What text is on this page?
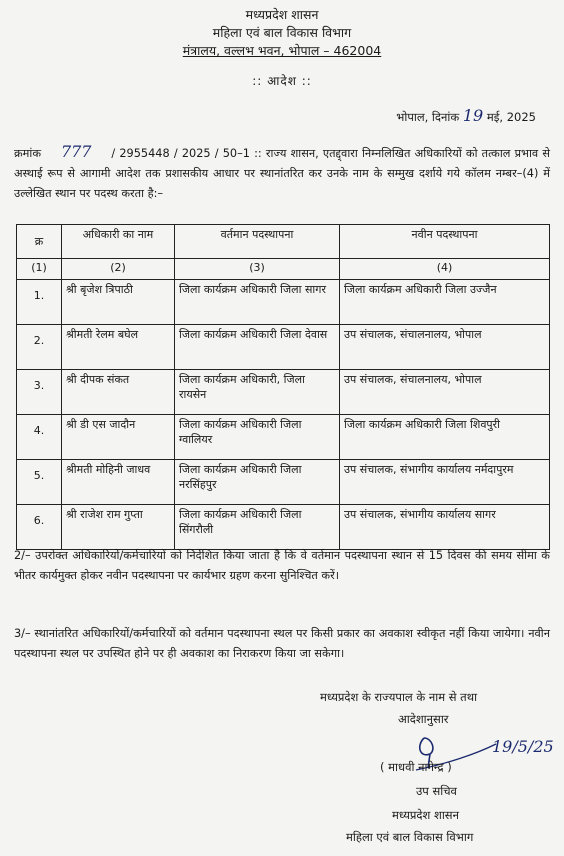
मध्यप्रदेश शासन
महिला एवं बाल विकास विभाग
मंत्रालय, वल्लभ भवन, भोपाल – 462004
:: आदेश ::
भोपाल, दिनांक 19 मई, 2025
क्रमांक 777 / 2955448 / 2025 / 50–1 :: राज्य शासन, एतद्द्वारा निम्नलिखित अधिकारियों को तत्काल प्रभाव से अस्थाई रूप से आगामी आदेश तक प्रशासकीय आधार पर स्थानांतरित कर उनके नाम के सम्मुख दर्शाये गये कॉलम नम्बर–(4) में उल्लेखित स्थान पर पदस्थ करता है:–
क्र	अधिकारी का नाम	वर्तमान पदस्थापना	नवीन पदस्थापना
(1)	(2)	(3)	(4)
1.	श्री बृजेश त्रिपाठी	जिला कार्यक्रम अधिकारी जिला सागर	जिला कार्यक्रम अधिकारी जिला उज्जैन
2.	श्रीमती रेलम बघेल	जिला कार्यक्रम अधिकारी जिला देवास	उप संचालक, संचालनालय, भोपाल
3.	श्री दीपक संकत	जिला कार्यक्रम अधिकारी, जिला रायसेन	उप संचालक, संचालनालय, भोपाल
4.	श्री डी एस जादौन	जिला कार्यक्रम अधिकारी जिला ग्वालियर	जिला कार्यक्रम अधिकारी जिला शिवपुरी
5.	श्रीमती मोहिनी जाधव	जिला कार्यक्रम अधिकारी जिला नरसिंहपुर	उप संचालक, संभागीय कार्यालय नर्मदापुरम
6.	श्री राजेश राम गुप्ता	जिला कार्यक्रम अधिकारी जिला सिंगरौली	उप संचालक, संभागीय कार्यालय सागर
2/– उपरोक्त अधिकारियों/कर्मचारियों को निर्देशित किया जाता है कि वे वर्तमान पदस्थापना स्थान से 15 दिवस की समय सीमा के भीतर कार्यमुक्त होकर नवीन पदस्थापना पर कार्यभार ग्रहण करना सुनिश्चित करें।
3/– स्थानांतरित अधिकारियों/कर्मचारियों को वर्तमान पदस्थापना स्थल पर किसी प्रकार का अवकाश स्वीकृत नहीं किया जायेगा। नवीन पदस्थापना स्थल पर उपस्थित होने पर ही अवकाश का निराकरण किया जा सकेगा।
मध्यप्रदेश के राज्यपाल के नाम से तथा
आदेशानुसार
19/5/25
( माधवी नागेन्द्र )
उप सचिव
मध्यप्रदेश शासन
महिला एवं बाल विकास विभाग
